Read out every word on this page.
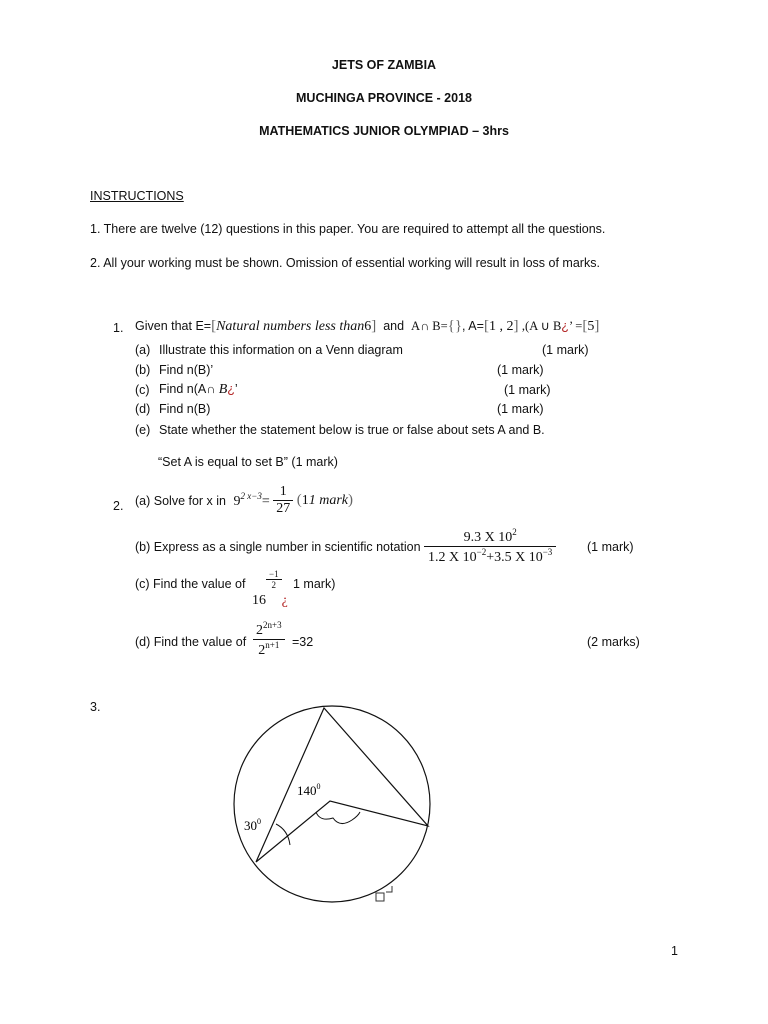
JETS OF ZAMBIA
MUCHINGA PROVINCE - 2018
MATHEMATICS JUNIOR OLYMPIAD – 3hrs
INSTRUCTIONS
1. There are twelve (12) questions in this paper. You are required to attempt all the questions.
2. All your working must be shown. Omission of essential working will result in loss of marks.
1. Given that E=[Natural numbers less than6] and A∩ B={}, A=[1 , 2] ,(A ∪ B¿’ =[5]
(a) Illustrate this information on a Venn diagram	(1 mark)
(b) Find n(B)’	(1 mark)
(c) Find n(A∩ B¿’	(1 mark)
(d) Find n(B)	(1 mark)
(e) State whether the statement below is true or false about sets A and B.
“Set A is equal to set B” (1 mark)
2. (a) Solve for x in $9^{2 x-3}= \frac{1}{27} (11$ mark)
(b) Express as a single number in scientific notation $\frac{9.3 X 10^2}{1.2 X 10^{-2}+3.5 X 10^{-3}} (1$ mark)
(c) Find the value of
16
$\frac{-1}{2}$
¿
1 mark)
(d) Find the value of $\frac{2^{2n+3}}{2^{n+1}} =32$	(2 marks)
3.
$140^0$
$30^0$
1
